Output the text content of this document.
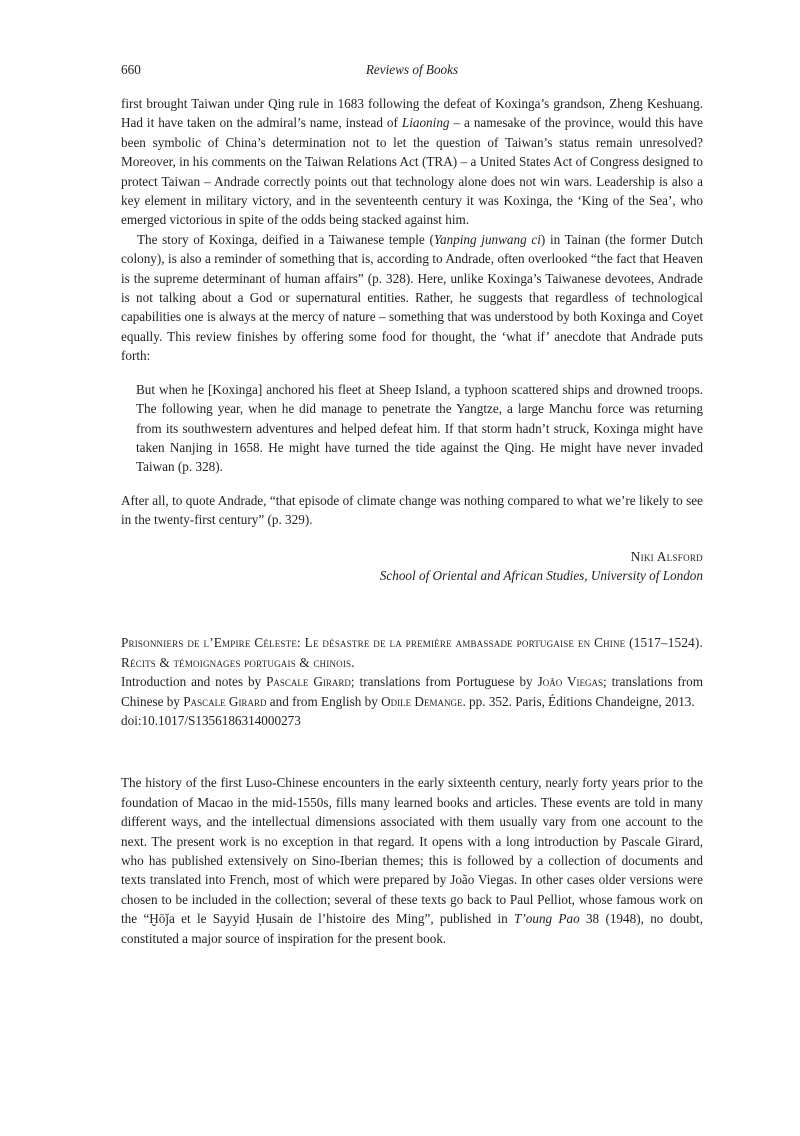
660	Reviews of Books

first brought Taiwan under Qing rule in 1683 following the defeat of Koxinga’s grandson, Zheng Keshuang. Had it have taken on the admiral’s name, instead of Liaoning – a namesake of the province, would this have been symbolic of China’s determination not to let the question of Taiwan’s status remain unresolved? Moreover, in his comments on the Taiwan Relations Act (TRA) – a United States Act of Congress designed to protect Taiwan – Andrade correctly points out that technology alone does not win wars. Leadership is also a key element in military victory, and in the seventeenth century it was Koxinga, the ‘King of the Sea’, who emerged victorious in spite of the odds being stacked against him.

The story of Koxinga, deified in a Taiwanese temple (Yanping junwang ci) in Tainan (the former Dutch colony), is also a reminder of something that is, according to Andrade, often overlooked “the fact that Heaven is the supreme determinant of human affairs” (p. 328). Here, unlike Koxinga’s Taiwanese devotees, Andrade is not talking about a God or supernatural entities. Rather, he suggests that regardless of technological capabilities one is always at the mercy of nature – something that was understood by both Koxinga and Coyet equally. This review finishes by offering some food for thought, the ‘what if’ anecdote that Andrade puts forth:

But when he [Koxinga] anchored his fleet at Sheep Island, a typhoon scattered ships and drowned troops. The following year, when he did manage to penetrate the Yangtze, a large Manchu force was returning from its southwestern adventures and helped defeat him. If that storm hadn’t struck, Koxinga might have taken Nanjing in 1658. He might have turned the tide against the Qing. He might have never invaded Taiwan (p. 328).

After all, to quote Andrade, “that episode of climate change was nothing compared to what we’re likely to see in the twenty-first century” (p. 329).

Niki Alsford
School of Oriental and African Studies, University of London

Prisonniers de l’Empire Céleste: Le désastre de la première ambassade portugaise en Chine (1517–1524). Récits & témoignages portugais & chinois.

Introduction and notes by Pascale Girard; translations from Portuguese by João Viegas; translations from Chinese by Pascale Girard and from English by Odile Demange. pp. 352. Paris, Éditions Chandeigne, 2013.

doi:10.1017/S1356186314000273

The history of the first Luso-Chinese encounters in the early sixteenth century, nearly forty years prior to the foundation of Macao in the mid-1550s, fills many learned books and articles. These events are told in many different ways, and the intellectual dimensions associated with them usually vary from one account to the next. The present work is no exception in that regard. It opens with a long introduction by Pascale Girard, who has published extensively on Sino-Iberian themes; this is followed by a collection of documents and texts translated into French, most of which were prepared by João Viegas. In other cases older versions were chosen to be included in the collection; several of these texts go back to Paul Pelliot, whose famous work on the “Ḫōǰa et le Sayyid Ḥusain de l’histoire des Ming”, published in T’oung Pao 38 (1948), no doubt, constituted a major source of inspiration for the present book.
